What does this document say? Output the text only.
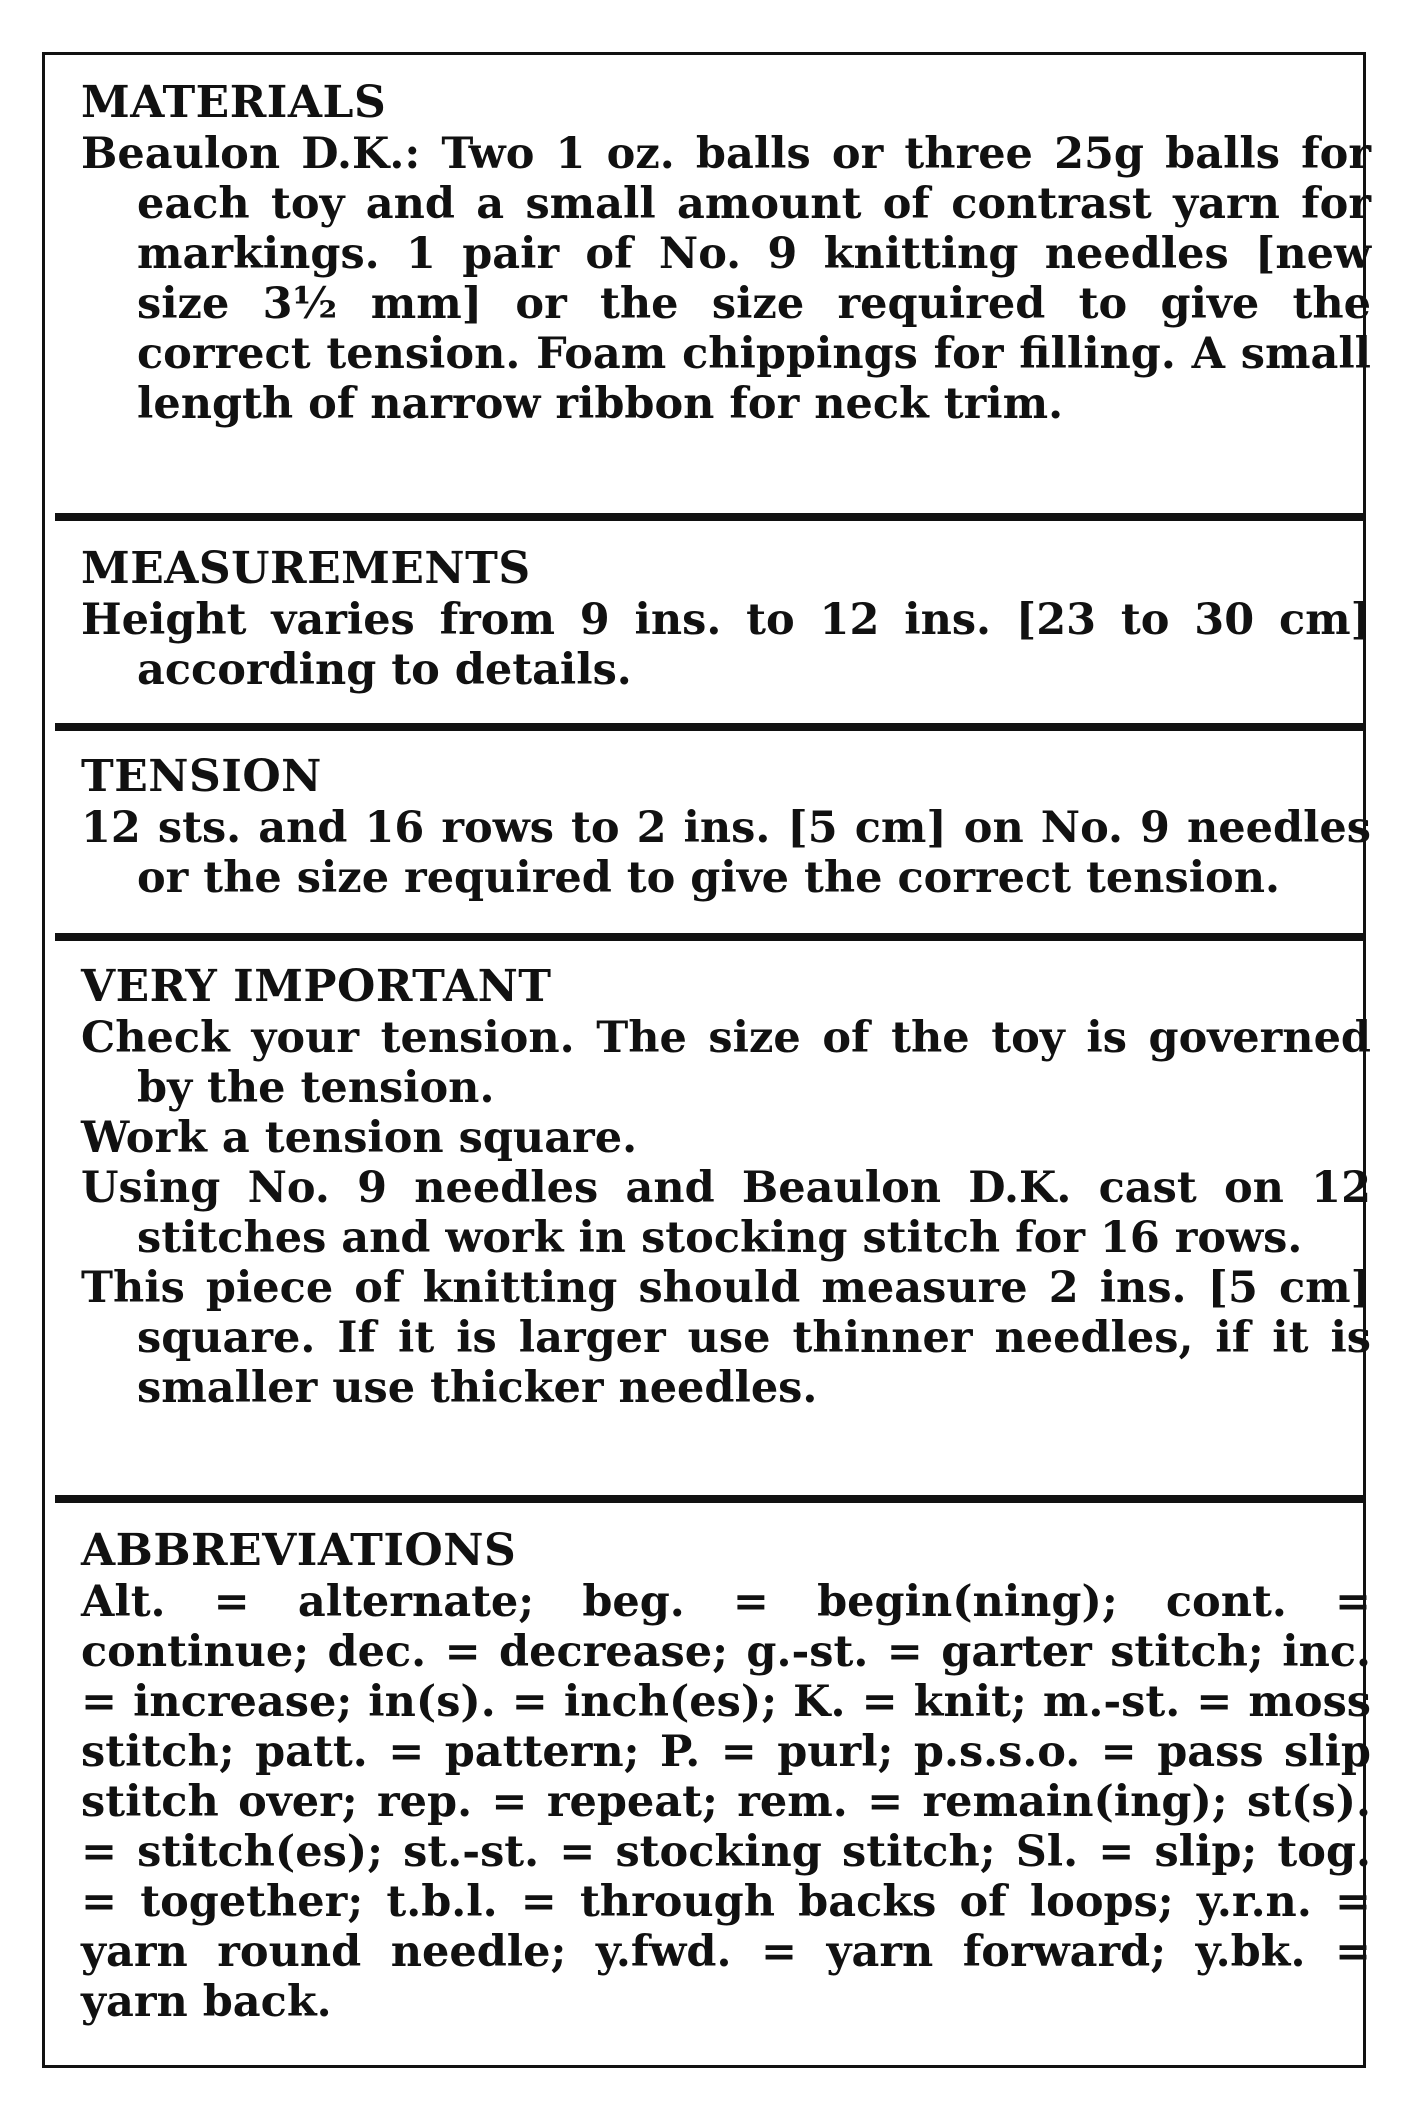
MATERIALS

Beaulon D.K.: Two 1 oz. balls or three 25g balls for each toy and a small amount of contrast yarn for markings. 1 pair of No. 9 knitting needles [new size 3½ mm] or the size required to give the correct tension. Foam chippings for filling. A small length of narrow ribbon for neck trim.

MEASUREMENTS

Height varies from 9 ins. to 12 ins. [23 to 30 cm] according to details.

TENSION

12 sts. and 16 rows to 2 ins. [5 cm] on No. 9 needles or the size required to give the correct tension.

VERY IMPORTANT

Check your tension. The size of the toy is governed by the tension.

Work a tension square.

Using No. 9 needles and Beaulon D.K. cast on 12 stitches and work in stocking stitch for 16 rows.

This piece of knitting should measure 2 ins. [5 cm] square. If it is larger use thinner needles, if it is smaller use thicker needles.

ABBREVIATIONS

Alt. = alternate; beg. = begin(ning); cont. = continue; dec. = decrease; g.-st. = garter stitch; inc. = increase; in(s). = inch(es); K. = knit; m.-st. = moss stitch; patt. = pattern; P. = purl; p.s.s.o. = pass slip stitch over; rep. = repeat; rem. = remain(ing); st(s). = stitch(es); st.-st. = stocking stitch; Sl. = slip; tog. = together; t.b.l. = through backs of loops; y.r.n. = yarn round needle; y.fwd. = yarn forward; y.bk. = yarn back.
